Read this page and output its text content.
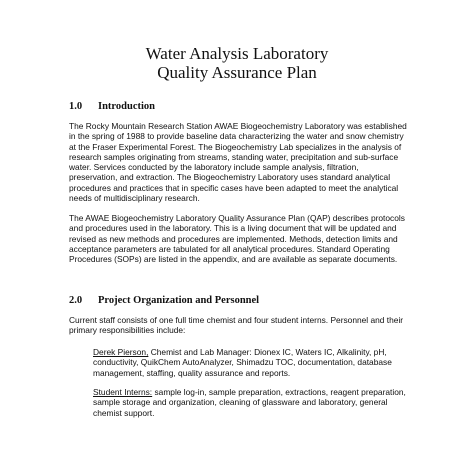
Water Analysis Laboratory
Quality Assurance Plan
1.0 Introduction
The Rocky Mountain Research Station AWAE Biogeochemistry Laboratory was established
in the spring of 1988 to provide baseline data characterizing the water and snow chemistry
at the Fraser Experimental Forest. The Biogeochemistry Lab specializes in the analysis of
research samples originating from streams, standing water, precipitation and sub-surface
water. Services conducted by the laboratory include sample analysis, filtration,
preservation, and extraction. The Biogeochemistry Laboratory uses standard analytical
procedures and practices that in specific cases have been adapted to meet the analytical
needs of multidisciplinary research.
The AWAE Biogeochemistry Laboratory Quality Assurance Plan (QAP) describes protocols
and procedures used in the laboratory. This is a living document that will be updated and
revised as new methods and procedures are implemented. Methods, detection limits and
acceptance parameters are tabulated for all analytical procedures. Standard Operating
Procedures (SOPs) are listed in the appendix, and are available as separate documents.
2.0 Project Organization and Personnel
Current staff consists of one full time chemist and four student interns. Personnel and their
primary responsibilities include:
Derek Pierson, Chemist and Lab Manager: Dionex IC, Waters IC, Alkalinity, pH,
conductivity, QuikChem AutoAnalyzer, Shimadzu TOC, documentation, database
management, staffing, quality assurance and reports.
Student Interns: sample log-in, sample preparation, extractions, reagent preparation,
sample storage and organization, cleaning of glassware and laboratory, general
chemist support.
